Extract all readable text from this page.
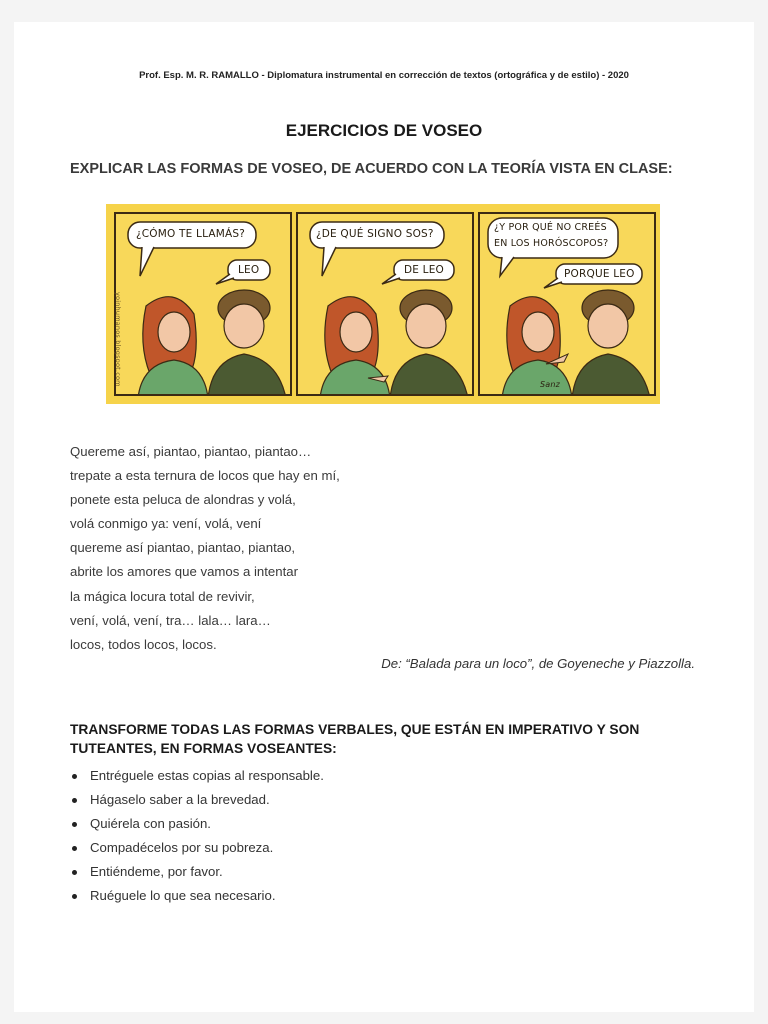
Prof. Esp. M. R. RAMALLO - Diplomatura instrumental en corrección de textos (ortográfica y de estilo) - 2020
EJERCICIOS DE VOSEO
EXPLICAR LAS FORMAS DE VOSEO, DE ACUERDO CON LA TEORÍA VISTA EN CLASE:
¿CÓMO TE LLAMÁS?
LEO
¿DE QUÉ SIGNO SOS?
DE LEO
¿Y POR QUÉ NO CREÉS
EN LOS HORÓSCOPOS?
PORQUE LEO
Sanz
yoinhumanos.blogspot.com
Quereme así, piantao, piantao, piantao…
trepate a esta ternura de locos que hay en mí,
ponete esta peluca de alondras y volá,
volá conmigo ya: vení, volá, vení
quereme así piantao, piantao, piantao,
abrite los amores que vamos a intentar
la mágica locura total de revivir,
vení, volá, vení, tra… lala… lara…
locos, todos locos, locos.
De: “Balada para un loco”, de Goyeneche y Piazzolla.
TRANSFORME TODAS LAS FORMAS VERBALES, QUE ESTÁN EN IMPERATIVO Y SON TUTEANTES, EN FORMAS VOSEANTES:
Entréguele estas copias al responsable.
Hágaselo saber a la brevedad.
Quiérela con pasión.
Compadécelos por su pobreza.
Entiéndeme, por favor.
Ruéguele lo que sea necesario.
